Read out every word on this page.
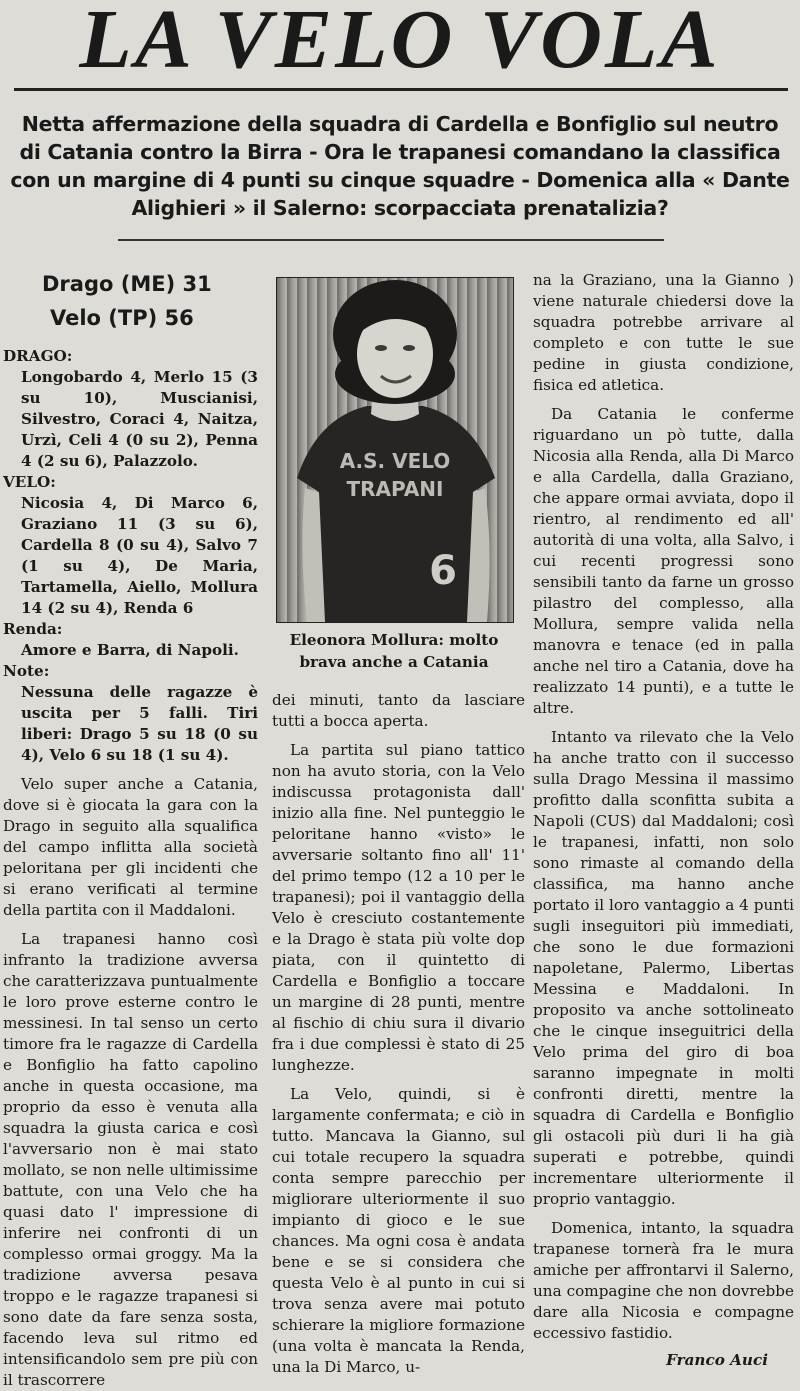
LA VELO VOLA
Netta affermazione della squadra di Cardella e Bonfiglio sul neutro di Catania contro la Birra - Ora le trapanesi comandano la classifica con un margine di 4 punti su cinque squadre - Domenica alla « Dante Alighieri » il Salerno: scorpacciata prenatalizia?
Drago (ME) 31
Velo (TP) 56

DRAGO:

Longobardo 4, Merlo 15 (3 su 10), Muscianisi, Silvestro, Coraci 4, Naitza, Urzì, Celi 4 (0 su 2), Penna 4 (2 su 6), Palazzolo.

VELO:

Nicosia 4, Di Marco 6, Graziano 11 (3 su 6), Cardella 8 (0 su 4), Salvo 7 (1 su 4), De Maria, Tartamella, Aiello, Mollura 14 (2 su 4), Renda 6

Renda:

Amore e Barra, di Napoli.

Note:

Nessuna delle ragazze è uscita per 5 falli. Tiri liberi: Drago 5 su 18 (0 su 4), Velo 6 su 18 (1 su 4).

Velo super anche a Catania, dove si è giocata la gara con la Drago in seguito alla squalifica del campo inflitta alla società peloritana per gli incidenti che si erano verificati al termine della partita con il Maddaloni.

La trapanesi hanno così infranto la tradizione avversa che caratterizzava puntualmente le loro prove esterne contro le messinesi. In tal senso un certo timore fra le ragazze di Cardella e Bonfiglio ha fatto capolino anche in questa occasione, ma proprio da esso è venuta alla squadra la giusta carica e così l'avversario non è mai stato mollato, se non nelle ultimissime battute, con una Velo che ha quasi dato l' impressione di inferire nei confronti di un complesso ormai groggy. Ma la tradizione avversa pesava troppo e le ragazze trapanesi si sono date da fare senza sosta, facendo leva sul ritmo ed intensificandolo sem pre più con il trascorrere

A.S. VELO
TRAPANI
6
Eleonora Mollura: molto brava anche a Catania

dei minuti, tanto da lasciare tutti a bocca aperta.

La partita sul piano tattico non ha avuto storia, con la Velo indiscussa protagonista dall' inizio alla fine. Nel punteggio le peloritane hanno «visto» le avversarie soltanto fino all' 11' del primo tempo (12 a 10 per le trapanesi); poi il vantaggio della Velo è cresciuto costantemente e la Drago è stata più volte dop piata, con il quintetto di Cardella e Bonfiglio a toccare un margine di 28 punti, mentre al fischio di chiu sura il divario fra i due complessi è stato di 25 lunghezze.

La Velo, quindi, si è largamente confermata; e ciò in tutto. Mancava la Gianno, sul cui totale recupero la squadra conta sempre parecchio per migliorare ulteriormente il suo impianto di gioco e le sue chances. Ma ogni cosa è andata bene e se si considera che questa Velo è al punto in cui si trova senza avere mai potuto schierare la migliore formazione (una volta è mancata la Renda, una la Di Marco, u-

na la Graziano, una la Gianno ) viene naturale chiedersi dove la squadra potrebbe arrivare al completo e con tutte le sue pedine in giusta condizione, fisica ed atletica.

Da Catania le conferme riguardano un pò tutte, dalla Nicosia alla Renda, alla Di Marco e alla Cardella, dalla Graziano, che appare ormai avviata, dopo il rientro, al rendimento ed all' autorità di una volta, alla Salvo, i cui recenti progressi sono sensibili tanto da farne un grosso pilastro del complesso, alla Mollura, sempre valida nella manovra e tenace (ed in palla anche nel tiro a Catania, dove ha realizzato 14 punti), e a tutte le altre.

Intanto va rilevato che la Velo ha anche tratto con il successo sulla Drago Messina il massimo profitto dalla sconfitta subita a Napoli (CUS) dal Maddaloni; così le trapanesi, infatti, non solo sono rimaste al comando della classifica, ma hanno anche portato il loro vantaggio a 4 punti sugli inseguitori più immediati, che sono le due formazioni napoletane, Palermo, Libertas Messina e Maddaloni. In proposito va anche sottolineato che le cinque inseguitrici della Velo prima del giro di boa saranno impegnate in molti confronti diretti, mentre la squadra di Cardella e Bonfiglio gli ostacoli più duri li ha già superati e potrebbe, quindi incrementare ulteriormente il proprio vantaggio.

Domenica, intanto, la squadra trapanese tornerà fra le mura amiche per affrontarvi il Salerno, una compagine che non dovrebbe dare alla Nicosia e compagne eccessivo fastidio.

Franco Auci
